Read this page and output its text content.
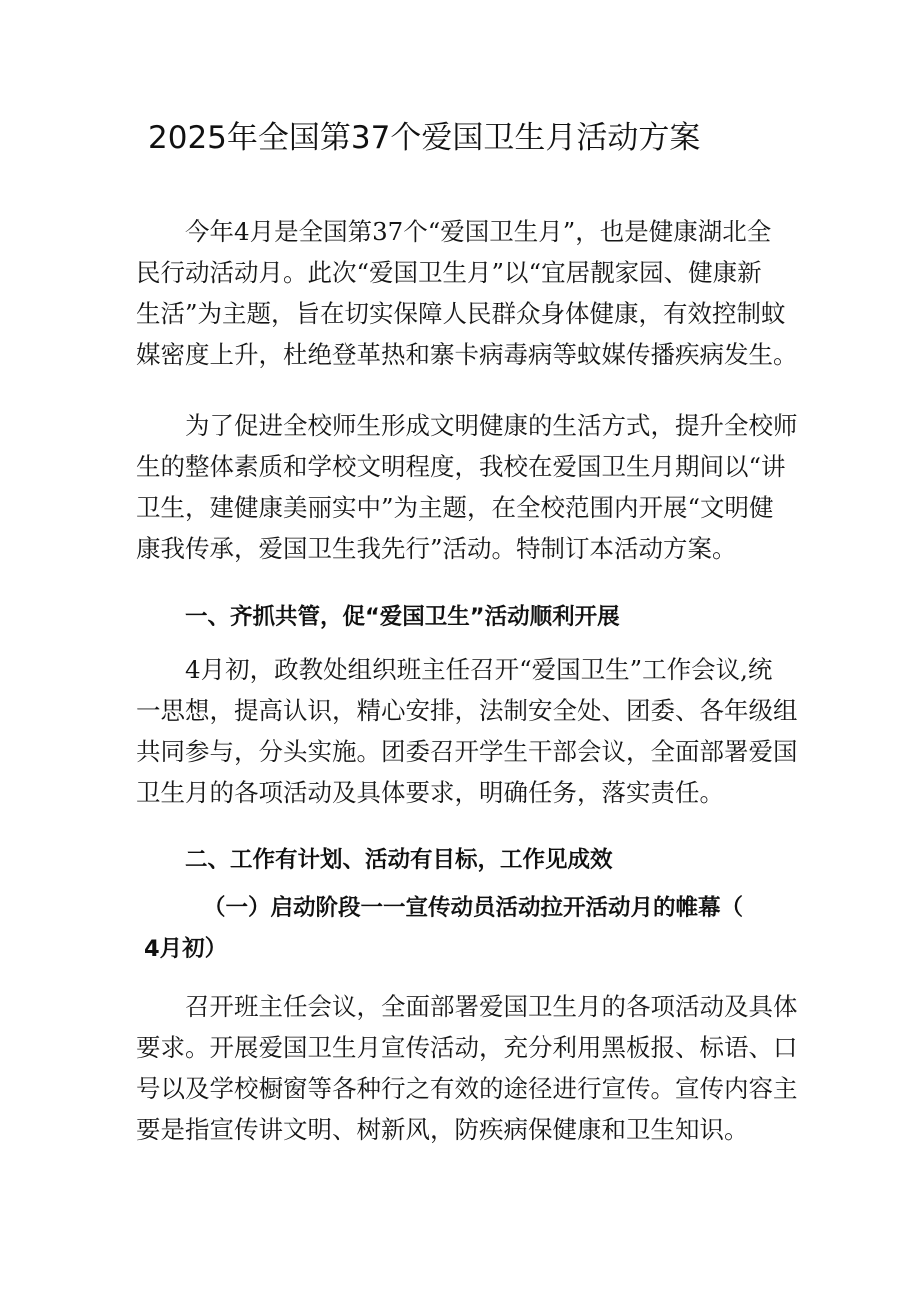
2025年全国第37个爱国卫生月活动方案
今年4月是全国第37个“爱国卫生月”，也是健康湖北全
民行动活动月。此次“爱国卫生月”以“宜居靓家园、健康新
生活”为主题，旨在切实保障人民群众身体健康，有效控制蚊
媒密度上升，杜绝登革热和寨卡病毒病等蚊媒传播疾病发生。
为了促进全校师生形成文明健康的生活方式，提升全校师
生的整体素质和学校文明程度，我校在爱国卫生月期间以“讲
卫生，建健康美丽实中”为主题，在全校范围内开展“文明健
康我传承，爱国卫生我先行”活动。特制订本活动方案。
一、齐抓共管，促“爱国卫生”活动顺利开展
4月初，政教处组织班主任召开“爱国卫生”工作会议,统
一思想，提高认识，精心安排，法制安全处、团委、各年级组
共同参与，分头实施。团委召开学生干部会议，全面部署爱国
卫生月的各项活动及具体要求，明确任务，落实责任。
二、工作有计划、活动有目标，工作见成效
（一）启动阶段一一宣传动员活动拉开活动月的帷幕（
4月初）
召开班主任会议，全面部署爱国卫生月的各项活动及具体
要求。开展爱国卫生月宣传活动，充分利用黑板报、标语、口
号以及学校橱窗等各种行之有效的途径进行宣传。宣传内容主
要是指宣传讲文明、树新风，防疾病保健康和卫生知识。
